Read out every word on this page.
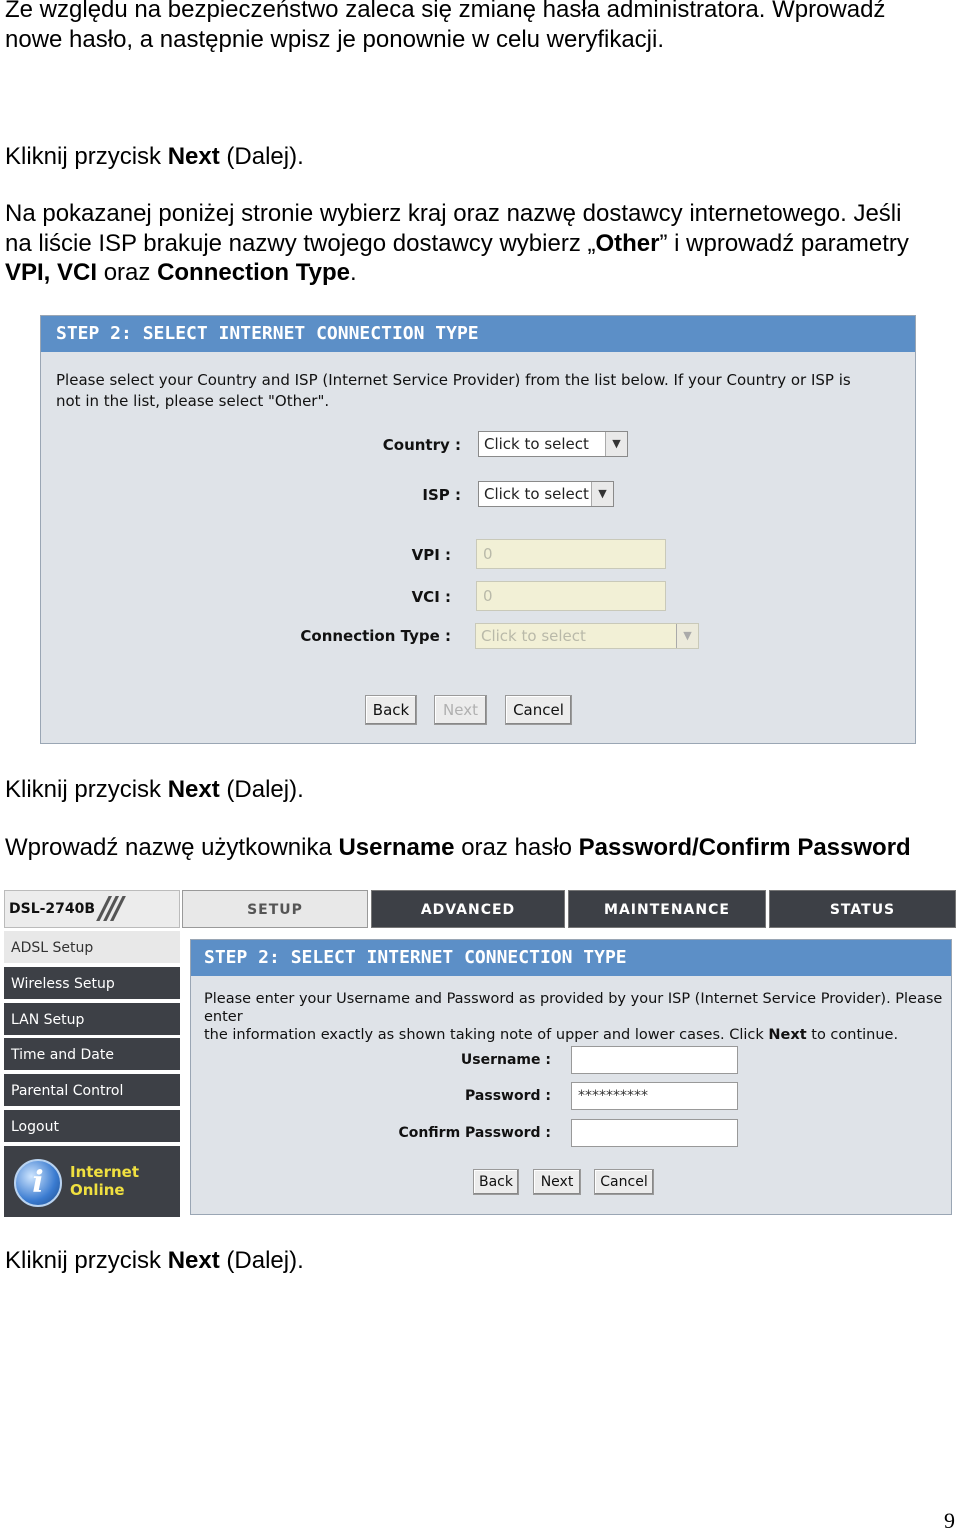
Ze względu na bezpieczeństwo zaleca się zmianę hasła administratora. Wprowadź
nowe hasło, a następnie wpisz je ponownie w celu weryfikacji.
Kliknij przycisk Next (Dalej).
Na pokazanej poniżej stronie wybierz kraj oraz nazwę dostawcy internetowego. Jeśli
na liście ISP brakuje nazwy twojego dostawcy wybierz „Other” i wprowadź parametry
VPI, VCI oraz Connection Type.
STEP 2: SELECT INTERNET CONNECTION TYPE
Please select your Country and ISP (Internet Service Provider) from the list below. If your Country or ISP is
not in the list, please select "Other".
Country :	Click to select	▼
ISP :	Click to select ▼
VPI :	0
VCI :	0
Connection Type :	Click to select	▼
Back	Next	Cancel
Kliknij przycisk Next (Dalej).
Wprowadź nazwę użytkownika Username oraz hasło Password/Confirm Password
DSL-2740B ///	SETUP	ADVANCED	MAINTENANCE	STATUS
ADSL Setup
Wireless Setup
LAN Setup
Time and Date
Parental Control
Logout
i	Internet
Online
STEP 2: SELECT INTERNET CONNECTION TYPE
Please enter your Username and Password as provided by your ISP (Internet Service Provider). Please enter
the information exactly as shown taking note of upper and lower cases. Click Next to continue.
Username :
Password :	**********
Confirm Password :
Back	Next	Cancel
Kliknij przycisk Next (Dalej).
9
